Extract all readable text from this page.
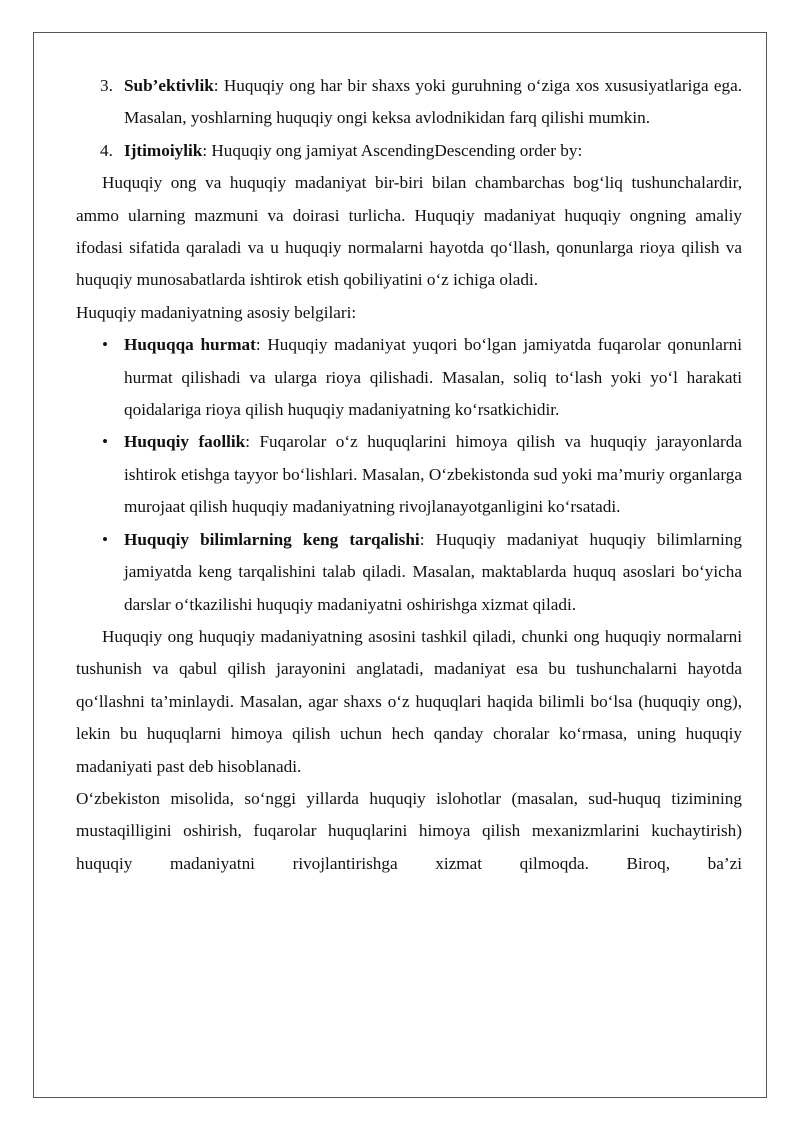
3. Sub’ektivlik: Huquqiy ong har bir shaxs yoki guruhning o‘ziga xos xususiyatlariga ega. Masalan, yoshlarning huquqiy ongi keksa avlodnikidan farq qilishi mumkin.

4. Ijtimoiylik: Huquqiy ong jamiyat AscendingDescending order by:

Huquqiy ong va huquqiy madaniyat bir-biri bilan chambarchas bog‘liq tushunchalardir, ammo ularning mazmuni va doirasi turlicha. Huquqiy madaniyat huquqiy ongning amaliy ifodasi sifatida qaraladi va u huquqiy normalarni hayotda qo‘llash, qonunlarga rioya qilish va huquqiy munosabatlarda ishtirok etish qobiliyatini o‘z ichiga oladi.

Huquqiy madaniyatning asosiy belgilari:

• Huquqqa hurmat: Huquqiy madaniyat yuqori bo‘lgan jamiyatda fuqarolar qonunlarni hurmat qilishadi va ularga rioya qilishadi. Masalan, soliq to‘lash yoki yo‘l harakati qoidalariga rioya qilish huquqiy madaniyatning ko‘rsatkichidir.

• Huquqiy faollik: Fuqarolar o‘z huquqlarini himoya qilish va huquqiy jarayonlarda ishtirok etishga tayyor bo‘lishlari. Masalan, O‘zbekistonda sud yoki ma’muriy organlarga murojaat qilish huquqiy madaniyatning rivojlanayotganligini ko‘rsatadi.

• Huquqiy bilimlarning keng tarqalishi: Huquqiy madaniyat huquqiy bilimlarning jamiyatda keng tarqalishini talab qiladi. Masalan, maktablarda huquq asoslari bo‘yicha darslar o‘tkazilishi huquqiy madaniyatni oshirishga xizmat qiladi.

Huquqiy ong huquqiy madaniyatning asosini tashkil qiladi, chunki ong huquqiy normalarni tushunish va qabul qilish jarayonini anglatadi, madaniyat esa bu tushunchalarni hayotda qo‘llashni ta’minlaydi. Masalan, agar shaxs o‘z huquqlari haqida bilimli bo‘lsa (huquqiy ong), lekin bu huquqlarni himoya qilish uchun hech qanday choralar ko‘rmasa, uning huquqiy madaniyati past deb hisoblanadi.

O‘zbekiston misolida, so‘nggi yillarda huquqiy islohotlar (masalan, sud-huquq tizimining mustaqilligini oshirish, fuqarolar huquqlarini himoya qilish mexanizmlarini kuchaytirish) huquqiy madaniyatni rivojlantirishga xizmat qilmoqda. Biroq, ba’zi
